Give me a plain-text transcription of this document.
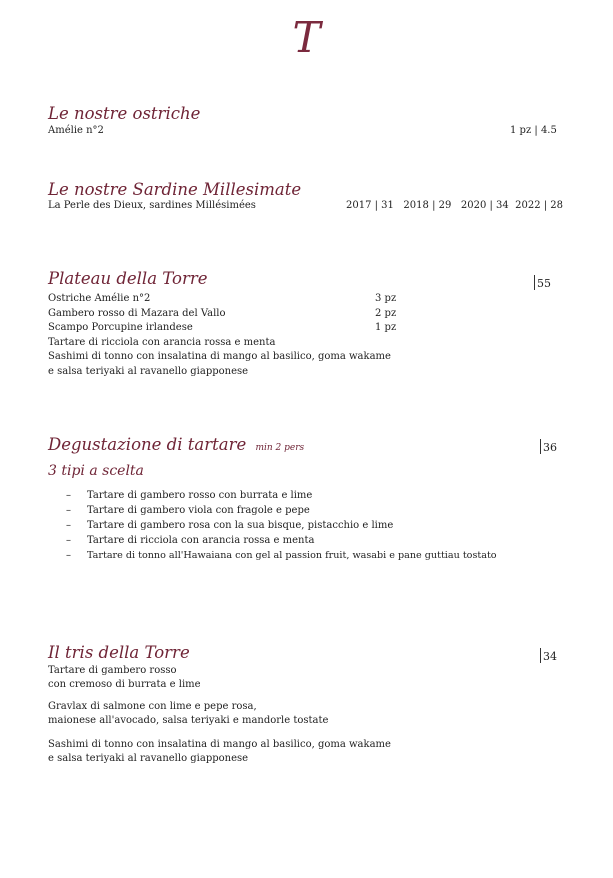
T
Le nostre ostriche
Amélie n°2	1 pz | 4.5
Le nostre Sardine Millesimate
La Perle des Dieux, sardines Millésimées	2017 | 31   2018 | 29   2020 | 34  2022 | 28
Plateau della Torre	55
Ostriche Amélie n°2	3 pz
Gambero rosso di Mazara del Vallo	2 pz
Scampo Porcupine irlandese	1 pz
Tartare di ricciola con arancia rossa e menta
Sashimi di tonno con insalatina di mango al basilico, goma wakame
e salsa teriyaki al ravanello giapponese
Degustazione di tartare min 2 pers	36
3 tipi a scelta
– Tartare di gambero rosso con burrata e lime
– Tartare di gambero viola con fragole e pepe
– Tartare di gambero rosa con la sua bisque, pistacchio e lime
– Tartare di ricciola con arancia rossa e menta
– Tartare di tonno all'Hawaiana con gel al passion fruit, wasabi e pane guttiau tostato
Il tris della Torre	34
Tartare di gambero rosso
con cremoso di burrata e lime
Gravlax di salmone con lime e pepe rosa,
maionese all'avocado, salsa teriyaki e mandorle tostate
Sashimi di tonno con insalatina di mango al basilico, goma wakame
e salsa teriyaki al ravanello giapponese
